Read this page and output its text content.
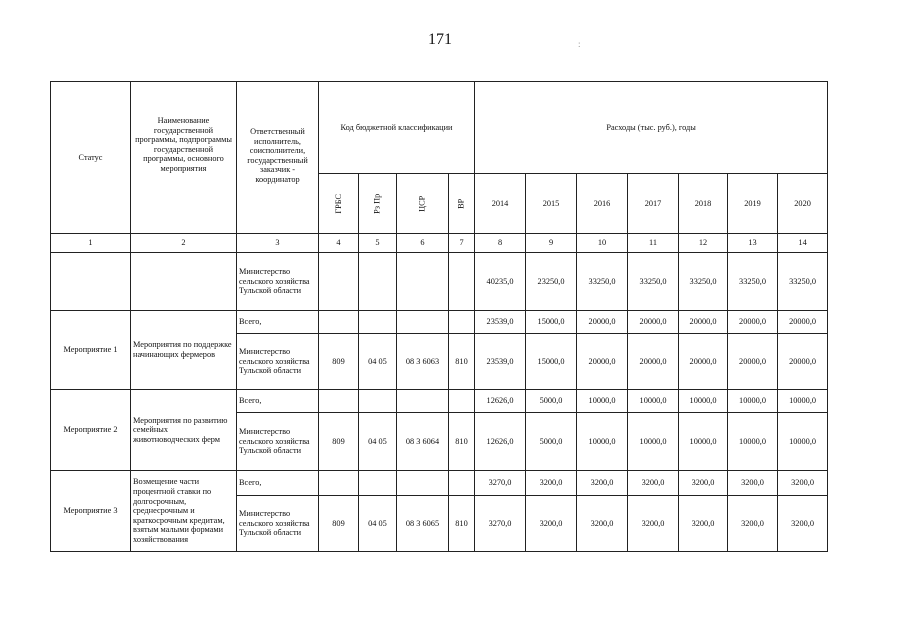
171	:
Статус	Наименование государственной программы, подпрограммы государственной программы, основного мероприятия	Ответственный исполнитель, соисполнители, государственный заказчик - координатор	Код бюджетной классификации				Расходы (тыс. руб.), годы						
			ГРБС	Рз Пр	ЦСР	ВР	2014	2015	2016	2017	2018	2019	2020
1	2	3	4	5	6	7	8	9	10	11	12	13	14
		Министерство сельского хозяйства Тульской области					40235,0	23250,0	33250,0	33250,0	33250,0	33250,0	33250,0
Мероприятие 1	Мероприятия по поддержке начинающих фермеров	Всего,					23539,0	15000,0	20000,0	20000,0	20000,0	20000,0	20000,0
		Министерство сельского хозяйства Тульской области	809	04 05	08 3 6063	810	23539,0	15000,0	20000,0	20000,0	20000,0	20000,0	20000,0
Мероприятие 2	Мероприятия по развитию семейных животноводческих ферм	Всего,					12626,0	5000,0	10000,0	10000,0	10000,0	10000,0	10000,0
		Министерство сельского хозяйства Тульской области	809	04 05	08 3 6064	810	12626,0	5000,0	10000,0	10000,0	10000,0	10000,0	10000,0
Мероприятие 3	Возмещение части процентной ставки по долгосрочным, среднесрочным и краткосрочным кредитам, взятым малыми формами хозяйствования	Всего,					3270,0	3200,0	3200,0	3200,0	3200,0	3200,0	3200,0
		Министерство сельского хозяйства Тульской области	809	04 05	08 3 6065	810	3270,0	3200,0	3200,0	3200,0	3200,0	3200,0	3200,0
